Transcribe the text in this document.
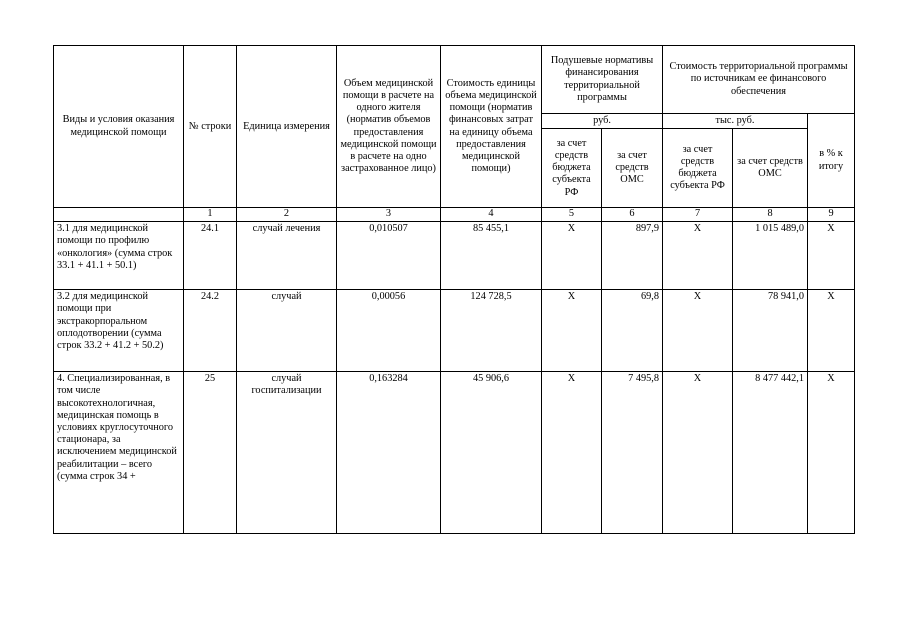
Виды и условия оказания медицинской помощи	№ строки	Единица измерения	Объем медицинской помощи в расчете на одного жителя (норматив объемов предоставления медицинской помощи в расчете на одно застрахованное лицо)	Стоимость единицы объема медицинской помощи (норматив финансовых затрат на единицу объема предоставления медицинской помощи)	Подушевые нормативы финансирования территориальной программы		Стоимость территориальной программы по источникам ее финансового обеспечения		
					руб.		тыс. руб.		в % к итогу
					за счет средств бюджета субъекта РФ	за счет средств ОМС	за счет средств бюджета субъекта РФ	за счет средств ОМС	
	1	2	3	4	5	6	7	8	9
3.1 для медицинской помощи по профилю «онкология» (сумма строк 33.1 + 41.1 + 50.1)	24.1	случай лечения	0,010507	85 455,1	X	897,9	X	1 015 489,0	X
3.2 для медицинской помощи при экстракорпоральном оплодотворении (сумма строк 33.2 + 41.2 + 50.2)	24.2	случай	0,00056	124 728,5	X	69,8	X	78 941,0	X
4. Специализированная, в том числе высокотехнологичная, медицинская помощь в условиях круглосуточного стационара, за исключением медицинской реабилитации – всего (сумма строк 34 +	25	случай госпитализации	0,163284	45 906,6	X	7 495,8	X	8 477 442,1	X
